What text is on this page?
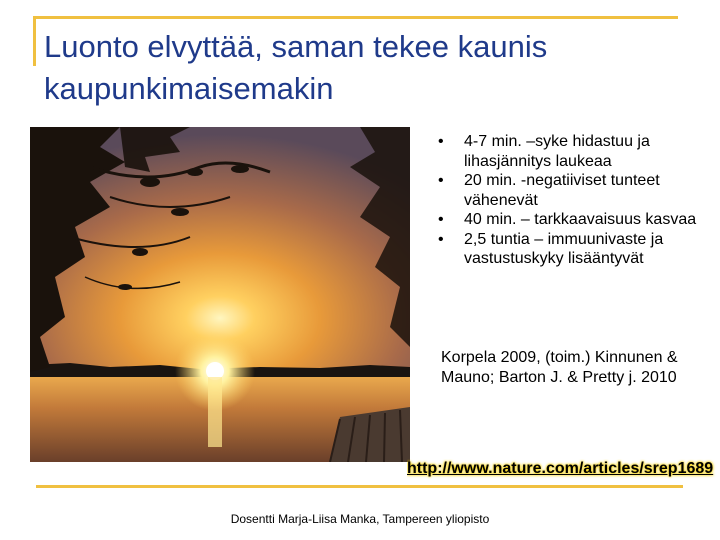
Luonto elvyttää, saman tekee kaunis
kaupunkimaisemakin
• 4-7 min. –syke hidastuu ja lihasjännitys laukeaa
• 20 min. -negatiiviset tunteet vähenevät
• 40 min. – tarkkaavaisuus kasvaa
• 2,5 tuntia – immuunivaste ja vastustuskyky lisääntyvät

Korpela 2009, (toim.) Kinnunen & Mauno; Barton J. & Pretty j. 2010

http://www.nature.com/articles/srep1689
Dosentti Marja-Liisa Manka, Tampereen yliopisto
